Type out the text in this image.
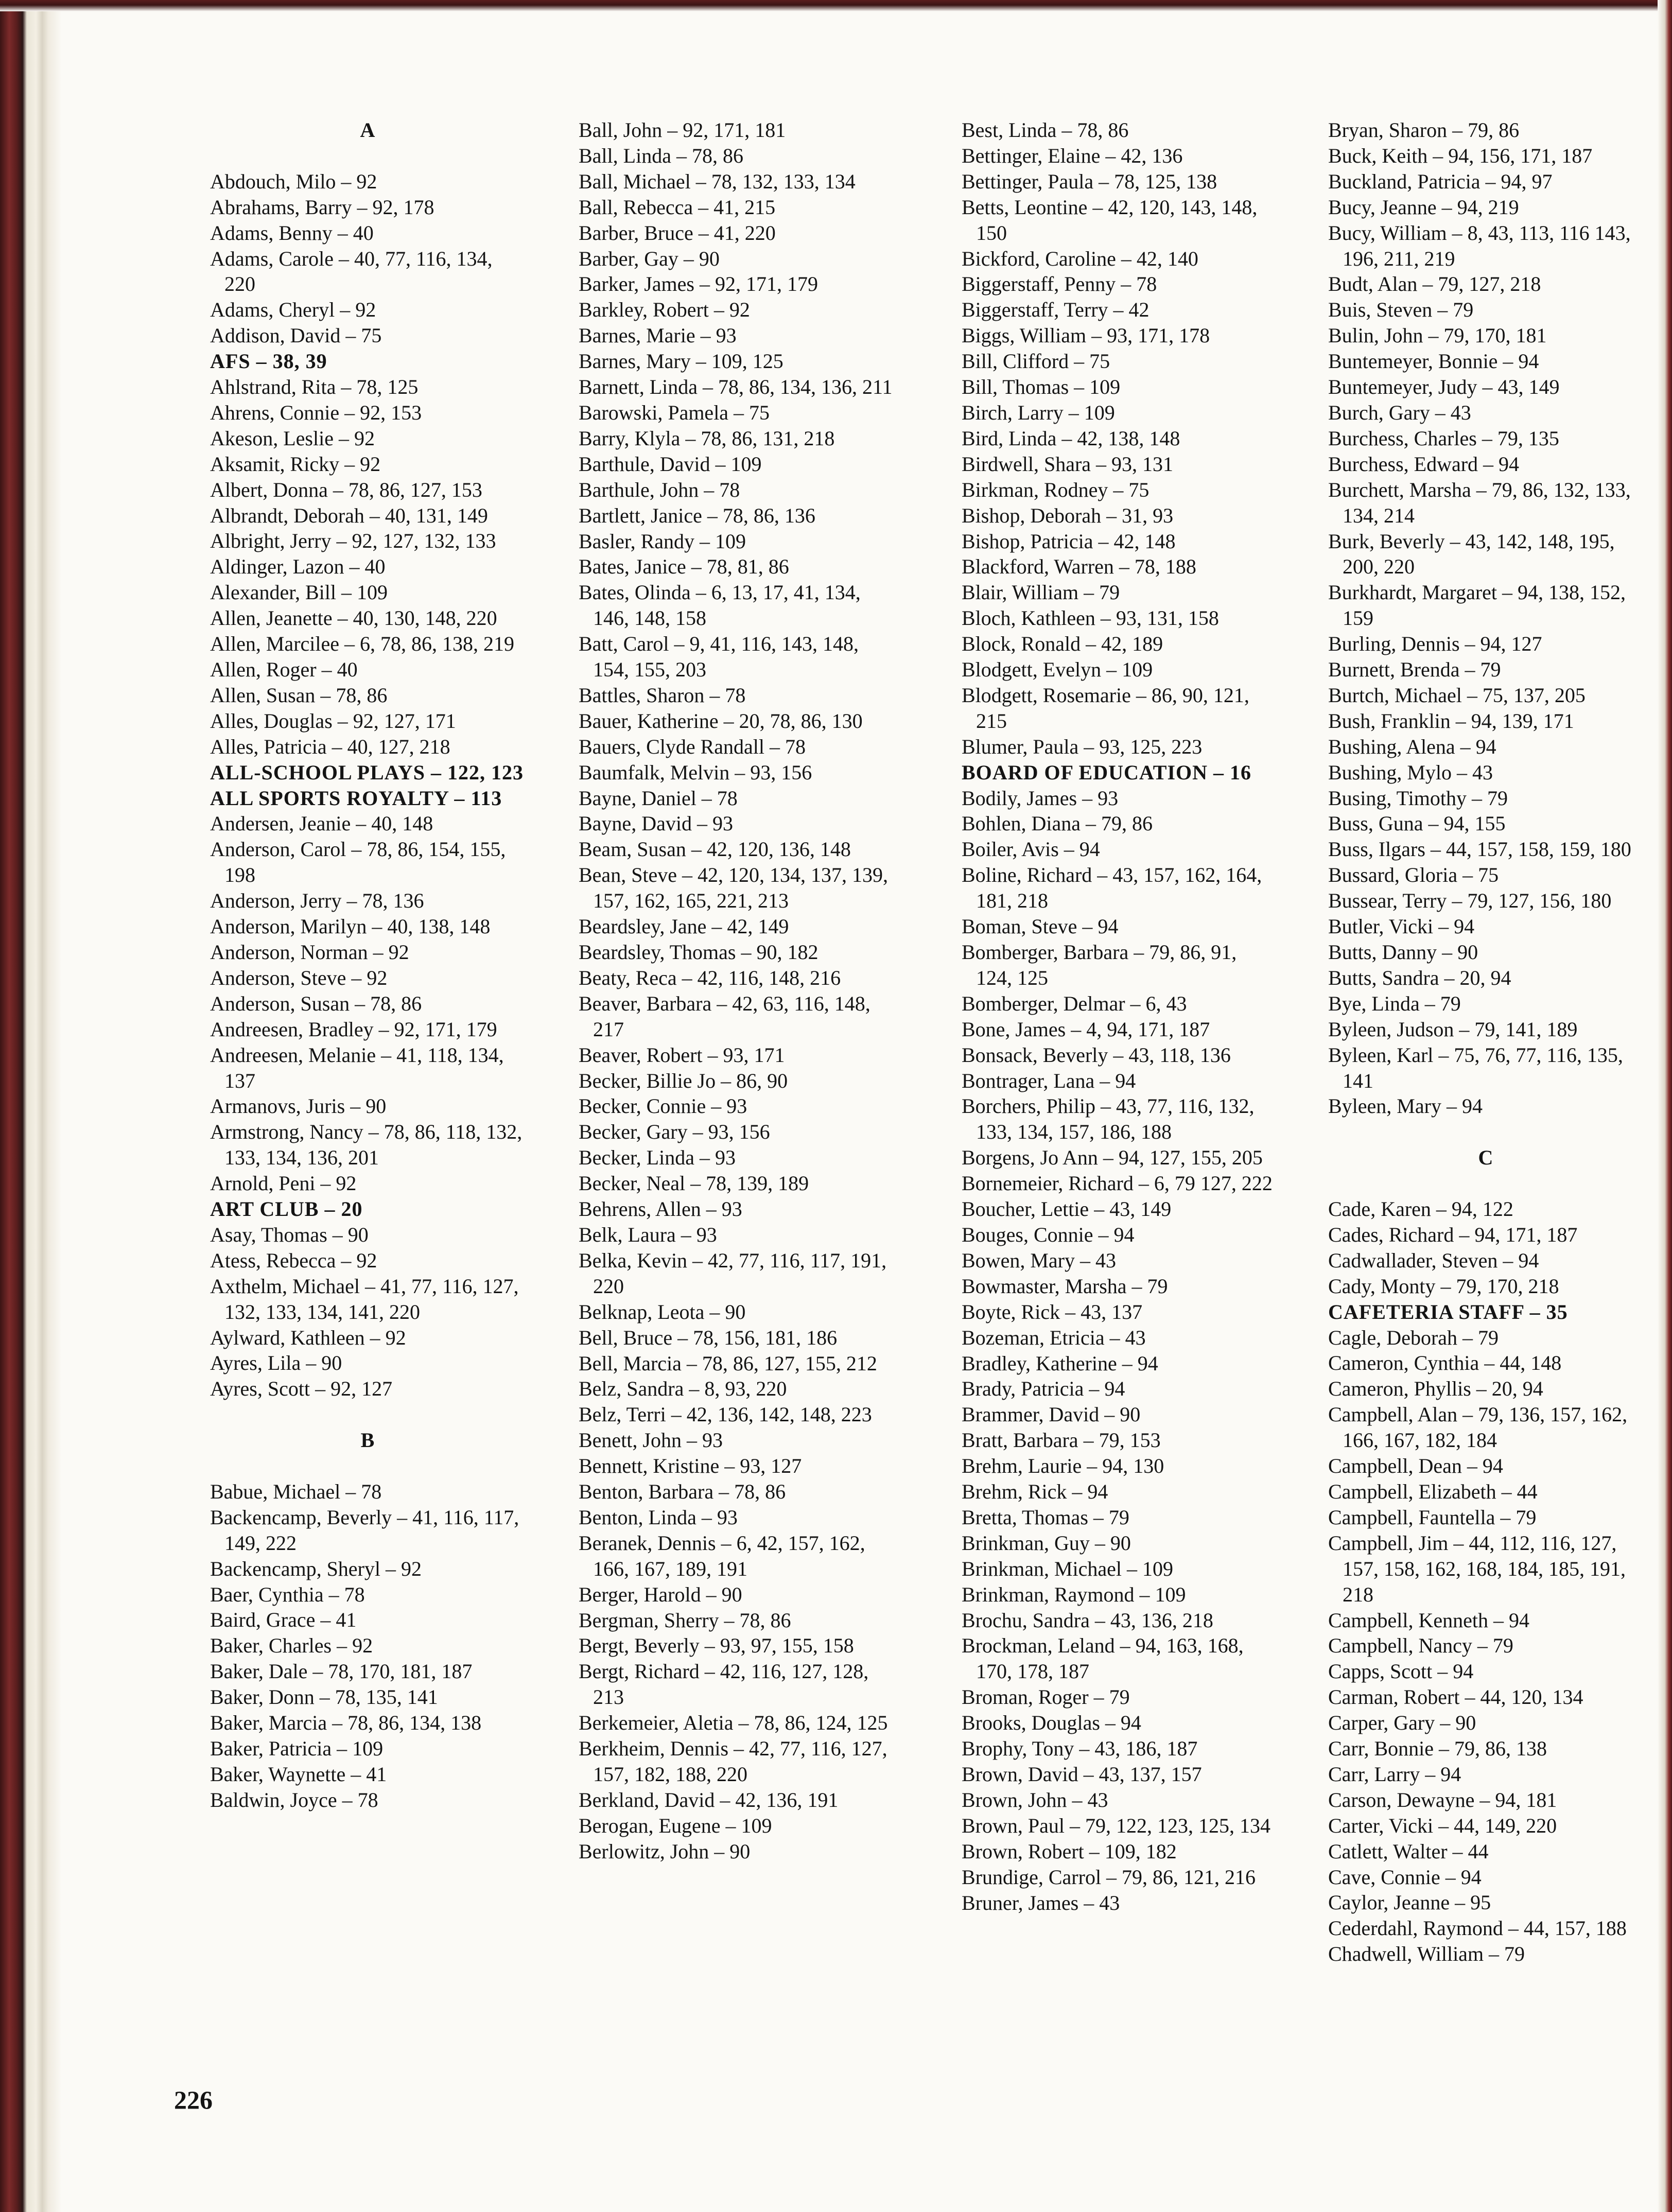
A
Abdouch, Milo – 92
Abrahams, Barry – 92, 178
Adams, Benny – 40
Adams, Carole – 40, 77, 116, 134, 220
Adams, Cheryl – 92
Addison, David – 75
AFS – 38, 39
Ahlstrand, Rita – 78, 125
Ahrens, Connie – 92, 153
Akeson, Leslie – 92
Aksamit, Ricky – 92
Albert, Donna – 78, 86, 127, 153
Albrandt, Deborah – 40, 131, 149
Albright, Jerry – 92, 127, 132, 133
Aldinger, Lazon – 40
Alexander, Bill – 109
Allen, Jeanette – 40, 130, 148, 220
Allen, Marcilee – 6, 78, 86, 138, 219
Allen, Roger – 40
Allen, Susan – 78, 86
Alles, Douglas – 92, 127, 171
Alles, Patricia – 40, 127, 218
ALL-SCHOOL PLAYS – 122, 123
ALL SPORTS ROYALTY – 113
Andersen, Jeanie – 40, 148
Anderson, Carol – 78, 86, 154, 155, 198
Anderson, Jerry – 78, 136
Anderson, Marilyn – 40, 138, 148
Anderson, Norman – 92
Anderson, Steve – 92
Anderson, Susan – 78, 86
Andreesen, Bradley – 92, 171, 179
Andreesen, Melanie – 41, 118, 134, 137
Armanovs, Juris – 90
Armstrong, Nancy – 78, 86, 118, 132, 133, 134, 136, 201
Arnold, Peni – 92
ART CLUB – 20
Asay, Thomas – 90
Atess, Rebecca – 92
Axthelm, Michael – 41, 77, 116, 127, 132, 133, 134, 141, 220
Aylward, Kathleen – 92
Ayres, Lila – 90
Ayres, Scott – 92, 127
B
Babue, Michael – 78
Backencamp, Beverly – 41, 116, 117, 149, 222
Backencamp, Sheryl – 92
Baer, Cynthia – 78
Baird, Grace – 41
Baker, Charles – 92
Baker, Dale – 78, 170, 181, 187
Baker, Donn – 78, 135, 141
Baker, Marcia – 78, 86, 134, 138
Baker, Patricia – 109
Baker, Waynette – 41
Baldwin, Joyce – 78
Ball, John – 92, 171, 181
Ball, Linda – 78, 86
Ball, Michael – 78, 132, 133, 134
Ball, Rebecca – 41, 215
Barber, Bruce – 41, 220
Barber, Gay – 90
Barker, James – 92, 171, 179
Barkley, Robert – 92
Barnes, Marie – 93
Barnes, Mary – 109, 125
Barnett, Linda – 78, 86, 134, 136, 211
Barowski, Pamela – 75
Barry, Klyla – 78, 86, 131, 218
Barthule, David – 109
Barthule, John – 78
Bartlett, Janice – 78, 86, 136
Basler, Randy – 109
Bates, Janice – 78, 81, 86
Bates, Olinda – 6, 13, 17, 41, 134, 146, 148, 158
Batt, Carol – 9, 41, 116, 143, 148, 154, 155, 203
Battles, Sharon – 78
Bauer, Katherine – 20, 78, 86, 130
Bauers, Clyde Randall – 78
Baumfalk, Melvin – 93, 156
Bayne, Daniel – 78
Bayne, David – 93
Beam, Susan – 42, 120, 136, 148
Bean, Steve – 42, 120, 134, 137, 139, 157, 162, 165, 221, 213
Beardsley, Jane – 42, 149
Beardsley, Thomas – 90, 182
Beaty, Reca – 42, 116, 148, 216
Beaver, Barbara – 42, 63, 116, 148, 217
Beaver, Robert – 93, 171
Becker, Billie Jo – 86, 90
Becker, Connie – 93
Becker, Gary – 93, 156
Becker, Linda – 93
Becker, Neal – 78, 139, 189
Behrens, Allen – 93
Belk, Laura – 93
Belka, Kevin – 42, 77, 116, 117, 191, 220
Belknap, Leota – 90
Bell, Bruce – 78, 156, 181, 186
Bell, Marcia – 78, 86, 127, 155, 212
Belz, Sandra – 8, 93, 220
Belz, Terri – 42, 136, 142, 148, 223
Benett, John – 93
Bennett, Kristine – 93, 127
Benton, Barbara – 78, 86
Benton, Linda – 93
Beranek, Dennis – 6, 42, 157, 162, 166, 167, 189, 191
Berger, Harold – 90
Bergman, Sherry – 78, 86
Bergt, Beverly – 93, 97, 155, 158
Bergt, Richard – 42, 116, 127, 128, 213
Berkemeier, Aletia – 78, 86, 124, 125
Berkheim, Dennis – 42, 77, 116, 127, 157, 182, 188, 220
Berkland, David – 42, 136, 191
Berogan, Eugene – 109
Berlowitz, John – 90
Best, Linda – 78, 86
Bettinger, Elaine – 42, 136
Bettinger, Paula – 78, 125, 138
Betts, Leontine – 42, 120, 143, 148, 150
Bickford, Caroline – 42, 140
Biggerstaff, Penny – 78
Biggerstaff, Terry – 42
Biggs, William – 93, 171, 178
Bill, Clifford – 75
Bill, Thomas – 109
Birch, Larry – 109
Bird, Linda – 42, 138, 148
Birdwell, Shara – 93, 131
Birkman, Rodney – 75
Bishop, Deborah – 31, 93
Bishop, Patricia – 42, 148
Blackford, Warren – 78, 188
Blair, William – 79
Bloch, Kathleen – 93, 131, 158
Block, Ronald – 42, 189
Blodgett, Evelyn – 109
Blodgett, Rosemarie – 86, 90, 121, 215
Blumer, Paula – 93, 125, 223
BOARD OF EDUCATION – 16
Bodily, James – 93
Bohlen, Diana – 79, 86
Boiler, Avis – 94
Boline, Richard – 43, 157, 162, 164, 181, 218
Boman, Steve – 94
Bomberger, Barbara – 79, 86, 91, 124, 125
Bomberger, Delmar – 6, 43
Bone, James – 4, 94, 171, 187
Bonsack, Beverly – 43, 118, 136
Bontrager, Lana – 94
Borchers, Philip – 43, 77, 116, 132, 133, 134, 157, 186, 188
Borgens, Jo Ann – 94, 127, 155, 205
Bornemeier, Richard – 6, 79 127, 222
Boucher, Lettie – 43, 149
Bouges, Connie – 94
Bowen, Mary – 43
Bowmaster, Marsha – 79
Boyte, Rick – 43, 137
Bozeman, Etricia – 43
Bradley, Katherine – 94
Brady, Patricia – 94
Brammer, David – 90
Bratt, Barbara – 79, 153
Brehm, Laurie – 94, 130
Brehm, Rick – 94
Bretta, Thomas – 79
Brinkman, Guy – 90
Brinkman, Michael – 109
Brinkman, Raymond – 109
Brochu, Sandra – 43, 136, 218
Brockman, Leland – 94, 163, 168, 170, 178, 187
Broman, Roger – 79
Brooks, Douglas – 94
Brophy, Tony – 43, 186, 187
Brown, David – 43, 137, 157
Brown, John – 43
Brown, Paul – 79, 122, 123, 125, 134
Brown, Robert – 109, 182
Brundige, Carrol – 79, 86, 121, 216
Bruner, James – 43
Bryan, Sharon – 79, 86
Buck, Keith – 94, 156, 171, 187
Buckland, Patricia – 94, 97
Bucy, Jeanne – 94, 219
Bucy, William – 8, 43, 113, 116 143, 196, 211, 219
Budt, Alan – 79, 127, 218
Buis, Steven – 79
Bulin, John – 79, 170, 181
Buntemeyer, Bonnie – 94
Buntemeyer, Judy – 43, 149
Burch, Gary – 43
Burchess, Charles – 79, 135
Burchess, Edward – 94
Burchett, Marsha – 79, 86, 132, 133, 134, 214
Burk, Beverly – 43, 142, 148, 195, 200, 220
Burkhardt, Margaret – 94, 138, 152, 159
Burling, Dennis – 94, 127
Burnett, Brenda – 79
Burtch, Michael – 75, 137, 205
Bush, Franklin – 94, 139, 171
Bushing, Alena – 94
Bushing, Mylo – 43
Busing, Timothy – 79
Buss, Guna – 94, 155
Buss, Ilgars – 44, 157, 158, 159, 180
Bussard, Gloria – 75
Bussear, Terry – 79, 127, 156, 180
Butler, Vicki – 94
Butts, Danny – 90
Butts, Sandra – 20, 94
Bye, Linda – 79
Byleen, Judson – 79, 141, 189
Byleen, Karl – 75, 76, 77, 116, 135, 141
Byleen, Mary – 94
C
Cade, Karen – 94, 122
Cades, Richard – 94, 171, 187
Cadwallader, Steven – 94
Cady, Monty – 79, 170, 218
CAFETERIA STAFF – 35
Cagle, Deborah – 79
Cameron, Cynthia – 44, 148
Cameron, Phyllis – 20, 94
Campbell, Alan – 79, 136, 157, 162, 166, 167, 182, 184
Campbell, Dean – 94
Campbell, Elizabeth – 44
Campbell, Fauntella – 79
Campbell, Jim – 44, 112, 116, 127, 157, 158, 162, 168, 184, 185, 191, 218
Campbell, Kenneth – 94
Campbell, Nancy – 79
Capps, Scott – 94
Carman, Robert – 44, 120, 134
Carper, Gary – 90
Carr, Bonnie – 79, 86, 138
Carr, Larry – 94
Carson, Dewayne – 94, 181
Carter, Vicki – 44, 149, 220
Catlett, Walter – 44
Cave, Connie – 94
Caylor, Jeanne – 95
Cederdahl, Raymond – 44, 157, 188
Chadwell, William – 79
226
